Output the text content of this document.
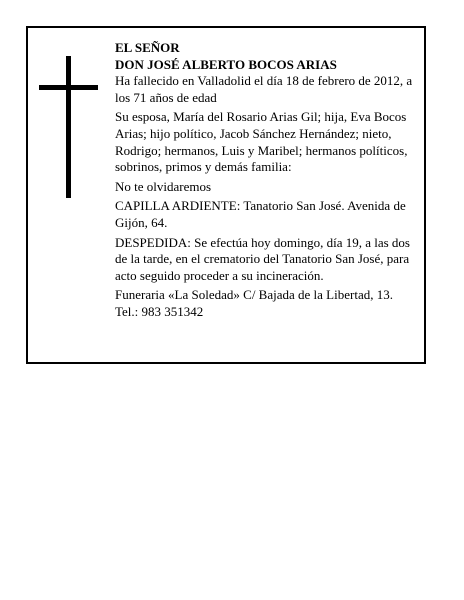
EL SEÑOR

DON JOSÉ ALBERTO BOCOS ARIAS

Ha fallecido en Valladolid el día 18 de febrero de 2012, a los 71 años de edad

Su esposa, María del Rosario Arias Gil; hija, Eva Bocos Arias; hijo político, Jacob Sánchez Hernández; nieto, Rodrigo; hermanos, Luis y Maribel; hermanos políticos, sobrinos, primos y demás familia:

No te olvidaremos

CAPILLA ARDIENTE: Tanatorio San José. Avenida de Gijón, 64.

DESPEDIDA: Se efectúa hoy domingo, día 19, a las dos de la tarde, en el crematorio del Tanatorio San José, para acto seguido proceder a su incineración.

Funeraria «La Soledad» C/ Bajada de la Libertad, 13.

Tel.: 983 351342
